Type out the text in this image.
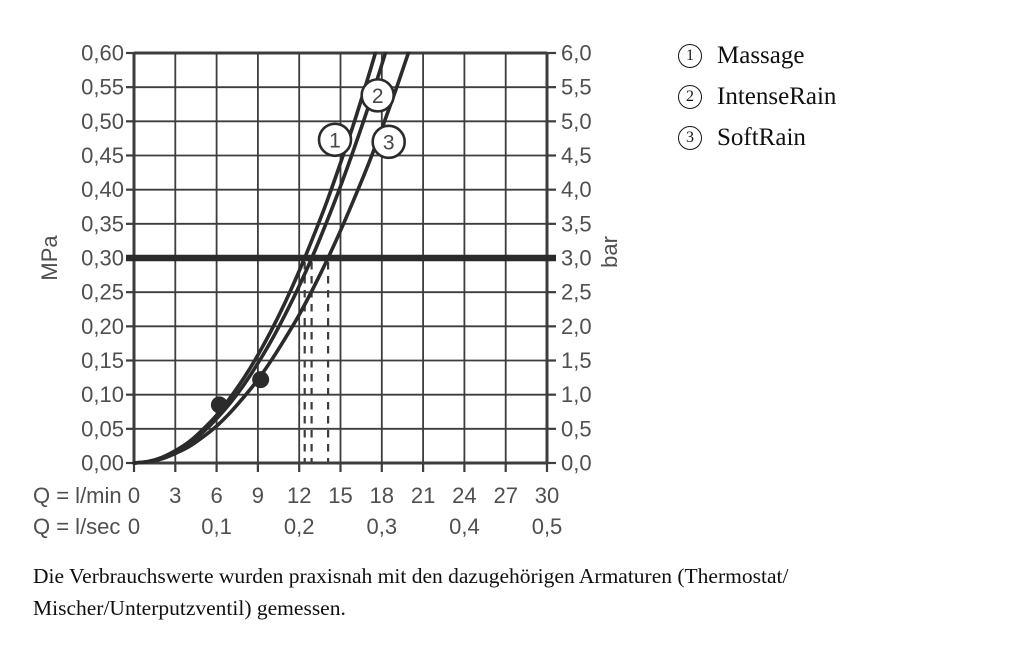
1
2
3
0,60
0,55
0,50
0,45
0,40
0,35
0,30
0,25
0,20
0,15
0,10
0,05
0,00
6,0
5,5
5,0
4,5
4,0
3,5
3,0
2,5
2,0
1,5
1,0
0,5
0,0
Q = l/min 0 3 6 9 12 15 18 21 24 27 30
Q = l/sec 0	0,1 0,2 0,3 0,4 0,5
MPa	bar
1 Massage
2 IntenseRain
3 SoftRain
Die Verbrauchswerte wurden praxisnah mit den dazugehörigen Armaturen (Thermostat/
Mischer/Unterputzventil) gemessen.
